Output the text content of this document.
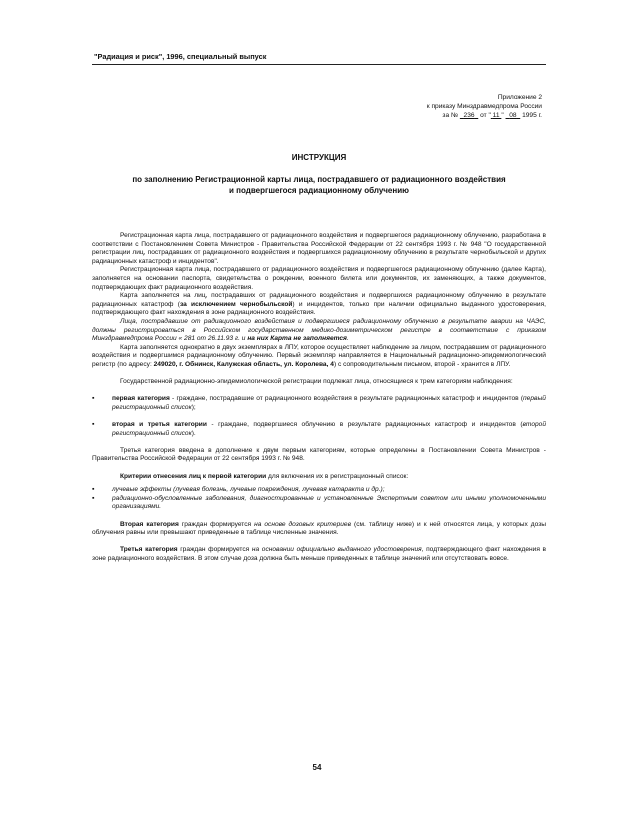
"Радиация и риск", 1996, специальный выпуск
Приложение 2
к приказу Минздравмедпрома России
за № 236 от " 11 "   08 1995 г.
ИНСТРУКЦИЯ
по заполнению Регистрационной карты лица, пострадавшего от радиационного воздействия и подвергшегося радиационному облучению

Регистрационная карта лица, пострадавшего от радиационного воздействия и подвергшегося радиационному облучению, разработана в соответствии с Постановлением Совета Министров - Правительства Российской Федерации от 22 сентября 1993 г. № 948 "О государственной регистрации лиц, пострадавших от радиационного воздействия и подвергшихся радиационному облучению в результате чернобыльской и других радиационных катастроф и инцидентов".

Регистрационная карта лица, пострадавшего от радиационного воздействия и подвергшегося радиационному облучению (далее Карта), заполняется на основании паспорта, свидетельства о рождении, военного билета или документов, их заменяющих, а также документов, подтверждающих факт радиационного воздействия.

Карта заполняется на лиц, пострадавших от радиационного воздействия и подвергшихся радиационному облучению в результате радиационных катастроф (за исключением чернобыльской) и инцидентов, только при наличии официально выданного удостоверения, подтверждающего факт нахождения в зоне радиационного воздействия.

Лица, пострадавшие от радиационного воздействия и подвергшиеся радиационному облучению в результате аварии на ЧАЭС, должны регистрироваться в Российском государственном медико-дозиметрическом регистре в соответствие с приказом Минздравмедпрома России « 281 от 26.11.93 г. и на них Карта не заполняется.

Карта заполняется однократно в двух экземплярах в ЛПУ, которое осуществляет наблюдение за лицом, пострадавшим от радиационного воздействия и подвергшимся радиационному облучению. Первый экземпляр направляется в Национальный радиационно-эпидемиологический регистр (по адресу: 249020, г. Обнинск, Калужская область, ул. Королева, 4) с сопроводительным письмом, второй - хранится в ЛПУ.

Государственной радиационно-эпидемиологической регистрации подлежат лица, относящиеся к трем категориям наблюдения:

▪	первая категория - граждане, пострадавшие от радиационного воздействия в результате радиационных катастроф и инцидентов (первый регистрационный список);

▪	вторая и третья категории - граждане, подвергшиеся облучению в результате радиационных катастроф и инцидентов (второй регистрационный список).

Третья категория введена в дополнение к двум первым категориям, которые определены в Постановлении Совета Министров - Правительства Российской Федерации от 22 сентября 1993 г. № 948.

Критерии отнесения лиц к первой категории для включения их в регистрационный список:

▪	лучевые эффекты (лучевая болезнь, лучевые повреждения, лучевая катаракта и др.);

▪	радиационно-обусловленные заболевания, диагностированные и установленные Экспертным советом или иными уполномоченными организациями.

Вторая категория граждан формируется на основе дозовых критериев (см. таблицу ниже) и к ней относятся лица, у которых дозы облучения равны или превышают приведенные в таблице численные значения.

Третья категория граждан формируется на основании официально выданного удостоверения, подтверждающего факт нахождения в зоне радиационного воздействия. В этом случае доза должна быть меньше приведенных в таблице значений или отсутствовать вовсе.

54
